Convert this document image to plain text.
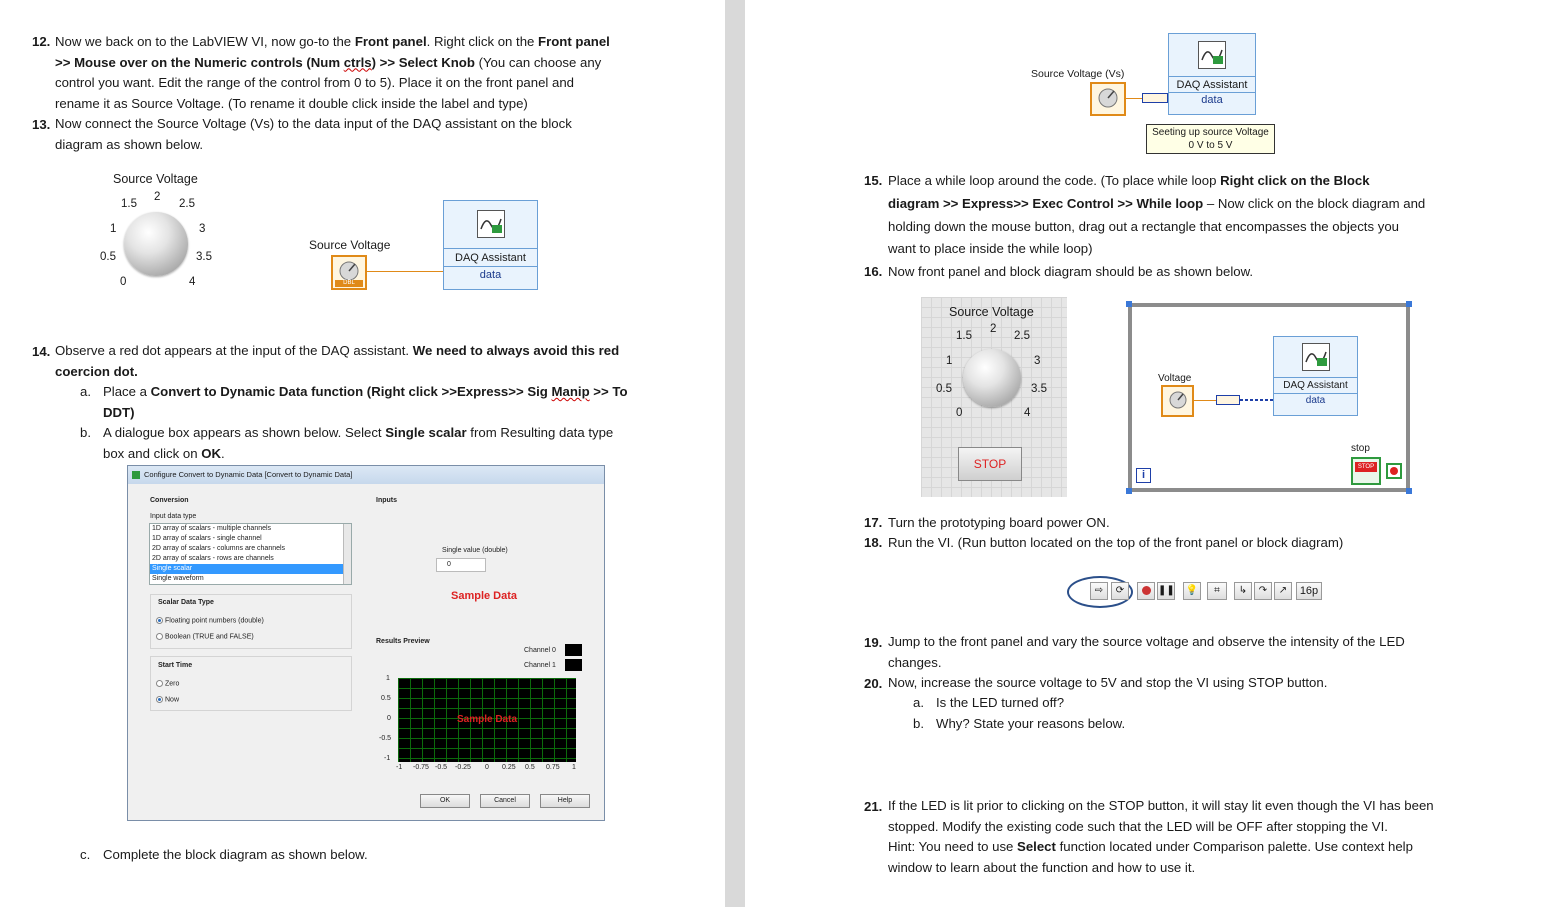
12. Now we back on to the LabVIEW VI, now go-to the Front panel. Right click on the Front panel
>> Mouse over on the Numeric controls (Num ctrls) >> Select Knob (You can choose any
control you want. Edit the range of the control from 0 to 5). Place it on the front panel and
rename it as Source Voltage. (To rename it double click inside the label and type)
13. Now connect the Source Voltage (Vs) to the data input of the DAQ assistant on the block
diagram as shown below.
Source Voltage
0
0.5
1
1.5
2
2.5
3
3.5
4
Source Voltage
DBL
DAQ Assistant
data
14. Observe a red dot appears at the input of the DAQ assistant. We need to always avoid this red
coercion dot.
a. Place a Convert to Dynamic Data function (Right click >>Express>> Sig Manip >> To
DDT)
b. A dialogue box appears as shown below. Select Single scalar from Resulting data type
box and click on OK.
Configure Convert to Dynamic Data [Convert to Dynamic Data]
Conversion	Inputs
Input data type
1D array of scalars - multiple channels
1D array of scalars - single channel
2D array of scalars - columns are channels
2D array of scalars - rows are channels
Single scalar
Single waveform
Single value (double)
0
Sample Data
Scalar Data Type
Floating point numbers (double)
Boolean (TRUE and FALSE)
Results Preview
Channel 0
Channel 1
Start Time
Zero
Now
Sample Data
1
0.5
0
-0.5
-1
-1 -0.75 -0.5 -0.25 0 0.25 0.5 0.75 1
OK	Cancel	Help
c. Complete the block diagram as shown below.
Source Voltage (Vs)
DAQ Assistant
data
Seeting up source Voltage
0 V to 5 V
15. Place a while loop around the code. (To place while loop Right click on the Block
diagram >> Express>> Exec Control >> While loop – Now click on the block diagram and
holding down the mouse button, drag out a rectangle that encompasses the objects you
want to place inside the while loop)
16. Now front panel and block diagram should be as shown below.
Source Voltage
0
0.5
1
1.5
2
2.5
3
3.5
4
STOP
Voltage
DAQ Assistant
data
stop
STOP
i
17. Turn the prototyping board power ON.
18. Run the VI. (Run button located on the top of the front panel or block diagram)
⇨	⟳	❚❚ 💡	⌗	↳	↷	↗	16p
19. Jump to the front panel and vary the source voltage and observe the intensity of the LED
changes.
20. Now, increase the source voltage to 5V and stop the VI using STOP button.
a. Is the LED turned off?
b. Why? State your reasons below.
21. If the LED is lit prior to clicking on the STOP button, it will stay lit even though the VI has been
stopped. Modify the existing code such that the LED will be OFF after stopping the VI.
Hint: You need to use Select function located under Comparison palette. Use context help
window to learn about the function and how to use it.
